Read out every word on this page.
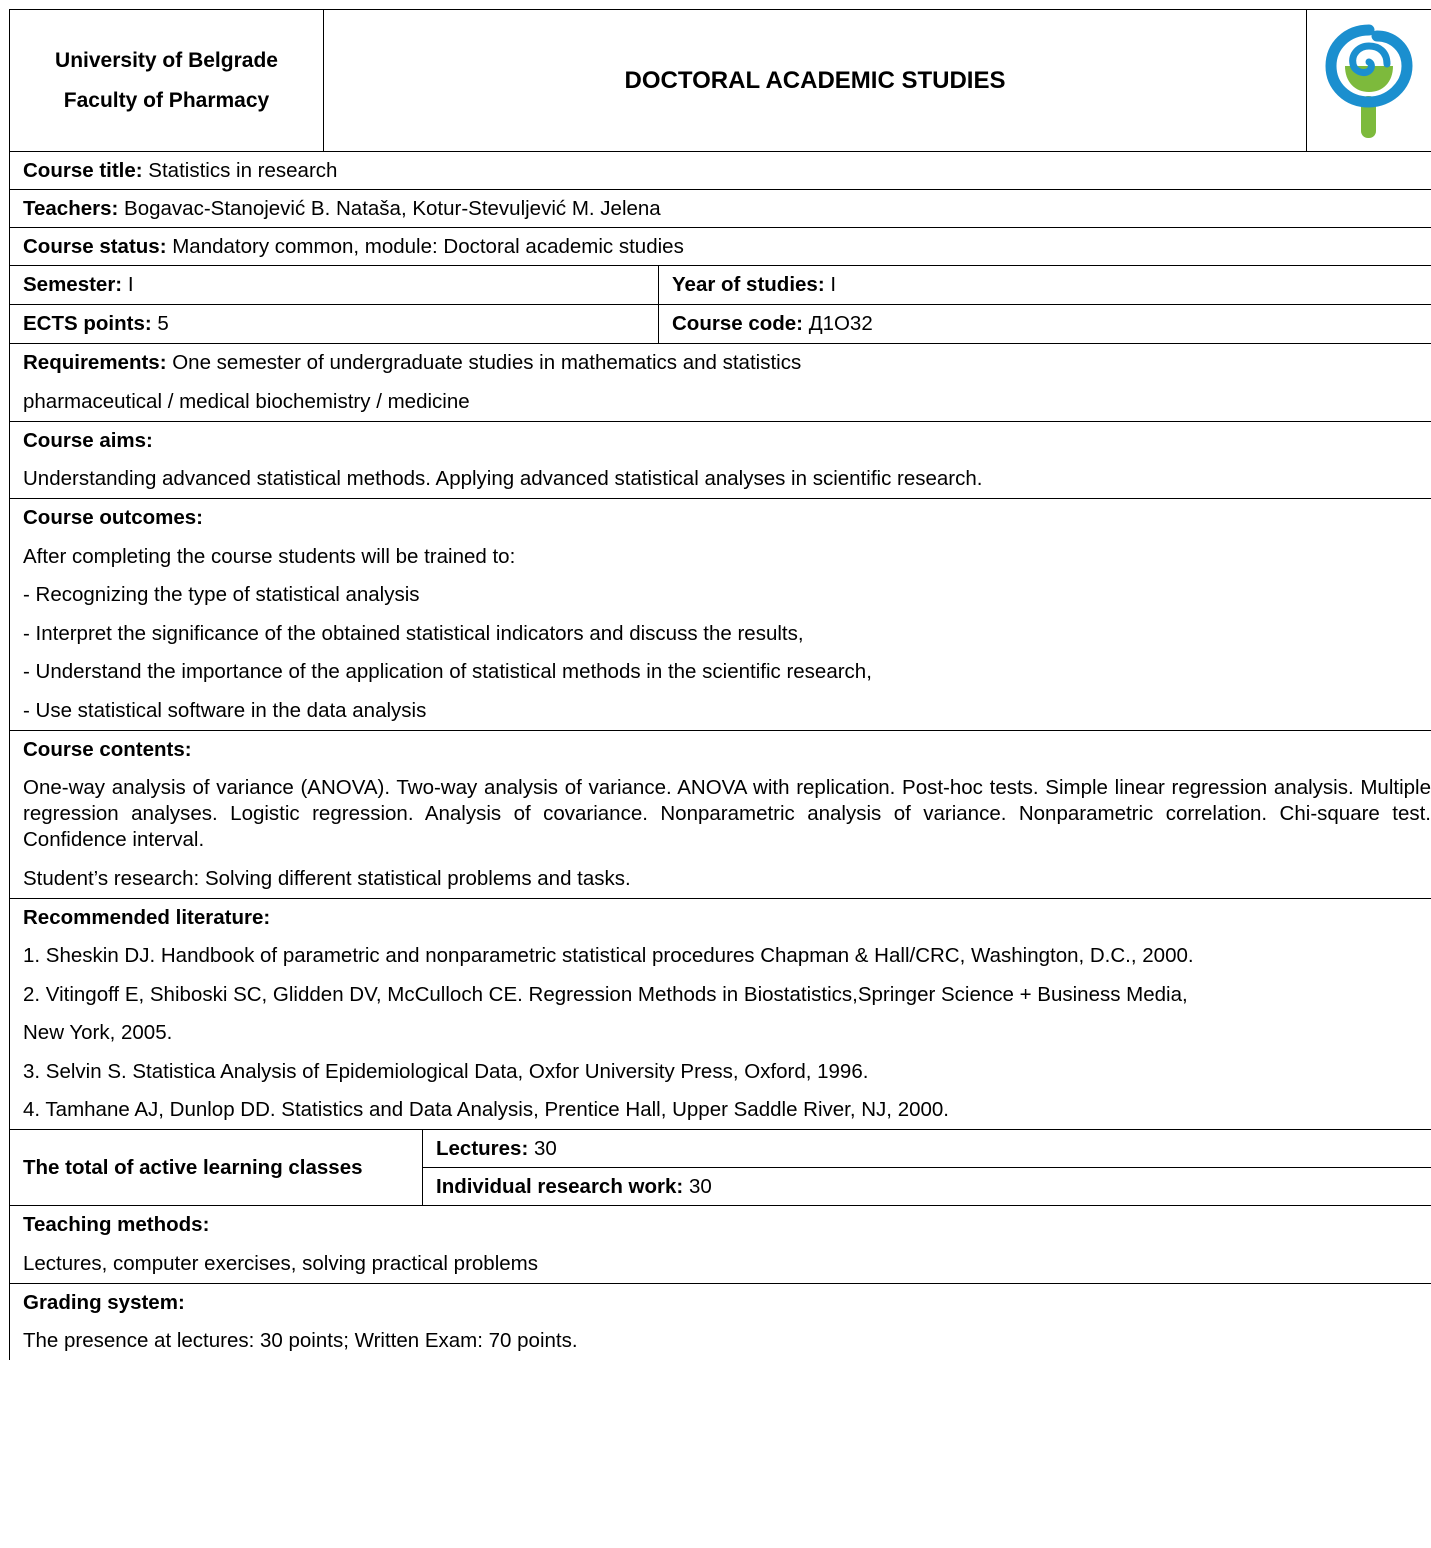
University of Belgrade
Faculty of Pharmacy
DOCTORAL ACADEMIC STUDIES
Course title: Statistics in research
Teachers: Bogavac-Stanojević B. Nataša, Kotur-Stevuljević M. Jelena
Course status: Mandatory common, module: Doctoral academic studies
Semester: I	Year of studies: I
ECTS points: 5	Course code: Д1О32
Requirements: One semester of undergraduate studies in mathematics and statistics
pharmaceutical / medical biochemistry / medicine
Course aims:
Understanding advanced statistical methods. Applying advanced statistical analyses in scientific research.
Course outcomes:
After completing the course students will be trained to:
- Recognizing the type of statistical analysis
- Interpret the significance of the obtained statistical indicators and discuss the results,
- Understand the importance of the application of statistical methods in the scientific research,
- Use statistical software in the data analysis
Course contents:
One-way analysis of variance (ANOVA). Two-way analysis of variance. ANOVA with replication. Post-hoc tests. Simple linear regression analysis. Multiple regression analyses. Logistic regression. Analysis of covariance. Nonparametric analysis of variance. Nonparametric correlation. Chi-square test. Confidence interval.
Student’s research: Solving different statistical problems and tasks.
Recommended literature:
1. Sheskin DJ. Handbook of parametric and nonparametric statistical procedures Chapman & Hall/CRC, Washington, D.C., 2000.
2. Vitingoff E, Shiboski SC, Glidden DV, McCulloch CE. Regression Methods in Biostatistics,Springer Science + Business Media,
New York, 2005.
3. Selvin S. Statistica Analysis of Epidemiological Data, Oxfor University Press, Oxford, 1996.
4. Tamhane AJ, Dunlop DD. Statistics and Data Analysis, Prentice Hall, Upper Saddle River, NJ, 2000.
The total of active learning classes
Lectures:
30
Individual research work:
30
Teaching methods:
Lectures, computer exercises, solving practical problems
Grading system:
The presence at lectures: 30 points; Written Exam: 70 points.
